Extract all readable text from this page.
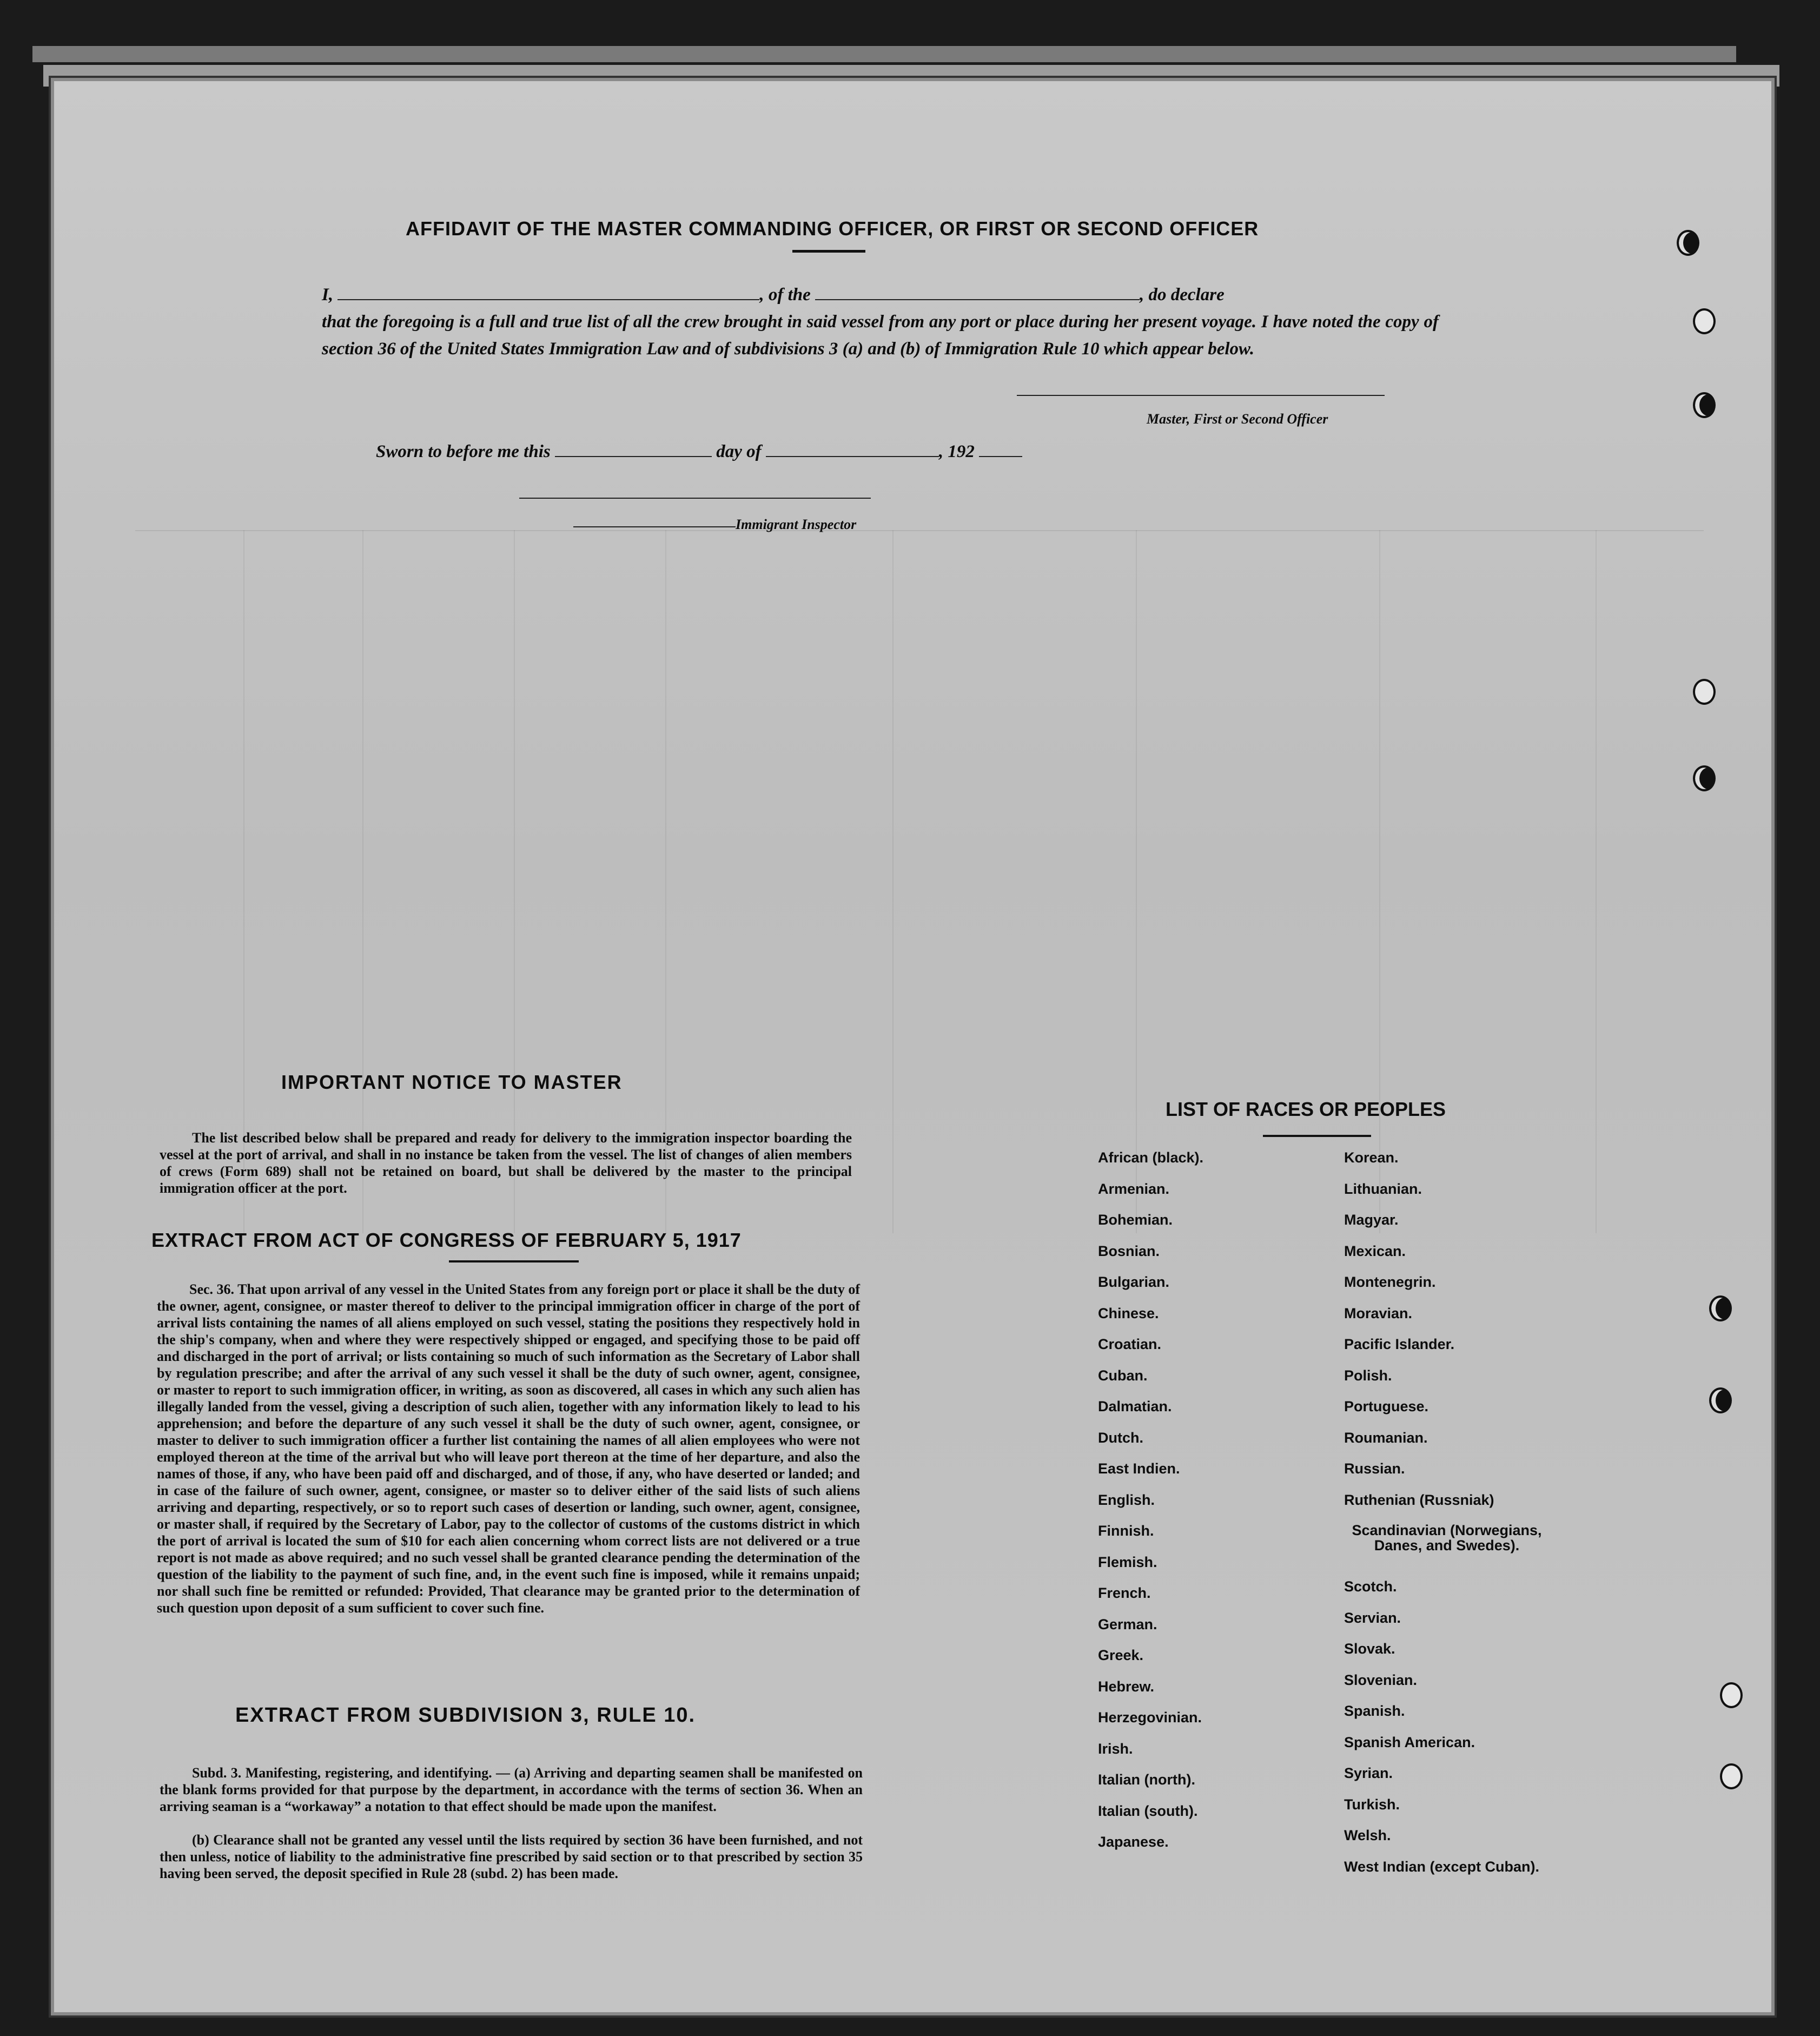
AFFIDAVIT OF THE MASTER COMMANDING OFFICER, OR FIRST OR SECOND OFFICER
I,	, of the	, do declare
that the foregoing is a full and true list of all the crew brought in said vessel from any port or place during her present voyage. I have noted the copy of section 36 of the United States Immigration Law and of subdivisions 3 (a) and (b) of Immigration Rule 10 which appear below.
Master, First or Second Officer
Sworn to before me this	day of	, 192
Immigrant Inspector
IMPORTANT NOTICE TO MASTER
The list described below shall be prepared and ready for delivery to the immigration inspector boarding the vessel at the port of arrival, and shall in no instance be taken from the vessel. The list of changes of alien members of crews (Form 689) shall not be retained on board, but shall be delivered by the master to the principal immigration officer at the port.
EXTRACT FROM ACT OF CONGRESS OF FEBRUARY 5, 1917
Sec. 36. That upon arrival of any vessel in the United States from any foreign port or place it shall be the duty of the owner, agent, consignee, or master thereof to deliver to the principal immigration officer in charge of the port of arrival lists containing the names of all aliens employed on such vessel, stating the positions they respectively hold in the ship's company, when and where they were respectively shipped or engaged, and specifying those to be paid off and discharged in the port of arrival; or lists containing so much of such information as the Secretary of Labor shall by regulation prescribe; and after the arrival of any such vessel it shall be the duty of such owner, agent, consignee, or master to report to such immigration officer, in writing, as soon as discovered, all cases in which any such alien has illegally landed from the vessel, giving a description of such alien, together with any information likely to lead to his apprehension; and before the departure of any such vessel it shall be the duty of such owner, agent, consignee, or master to deliver to such immigration officer a further list containing the names of all alien employees who were not employed thereon at the time of the arrival but who will leave port thereon at the time of her departure, and also the names of those, if any, who have been paid off and discharged, and of those, if any, who have deserted or landed; and in case of the failure of such owner, agent, consignee, or master so to deliver either of the said lists of such aliens arriving and departing, respectively, or so to report such cases of desertion or landing, such owner, agent, consignee, or master shall, if required by the Secretary of Labor, pay to the collector of customs of the customs district in which the port of arrival is located the sum of $10 for each alien concerning whom correct lists are not delivered or a true report is not made as above required; and no such vessel shall be granted clearance pending the determination of the question of the liability to the payment of such fine, and, in the event such fine is imposed, while it remains unpaid; nor shall such fine be remitted or refunded: Provided, That clearance may be granted prior to the determination of such question upon deposit of a sum sufficient to cover such fine.
EXTRACT FROM SUBDIVISION 3, RULE 10.
Subd. 3. Manifesting, registering, and identifying. — (a) Arriving and departing seamen shall be manifested on the blank forms provided for that purpose by the department, in accordance with the terms of section 36. When an arriving seaman is a “workaway” a notation to that effect should be made upon the manifest.
(b) Clearance shall not be granted any vessel until the lists required by section 36 have been furnished, and not then unless, notice of liability to the administrative fine prescribed by said section or to that prescribed by section 35 having been served, the deposit specified in Rule 28 (subd. 2) has been made.
LIST OF RACES OR PEOPLES
African (black).
Armenian.
Bohemian.
Bosnian.
Bulgarian.
Chinese.
Croatian.
Cuban.
Dalmatian.
Dutch.
East Indien.
English.
Finnish.
Flemish.
French.
German.
Greek.
Hebrew.
Herzegovinian.
Irish.
Italian (north).
Italian (south).
Japanese.
Korean.
Lithuanian.
Magyar.
Mexican.
Montenegrin.
Moravian.
Pacific Islander.
Polish.
Portuguese.
Roumanian.
Russian.
Ruthenian (Russniak)
Scandinavian (Norwegians, Danes, and Swedes).
Scotch.
Servian.
Slovak.
Slovenian.
Spanish.
Spanish American.
Syrian.
Turkish.
Welsh.
West Indian (except Cuban).
